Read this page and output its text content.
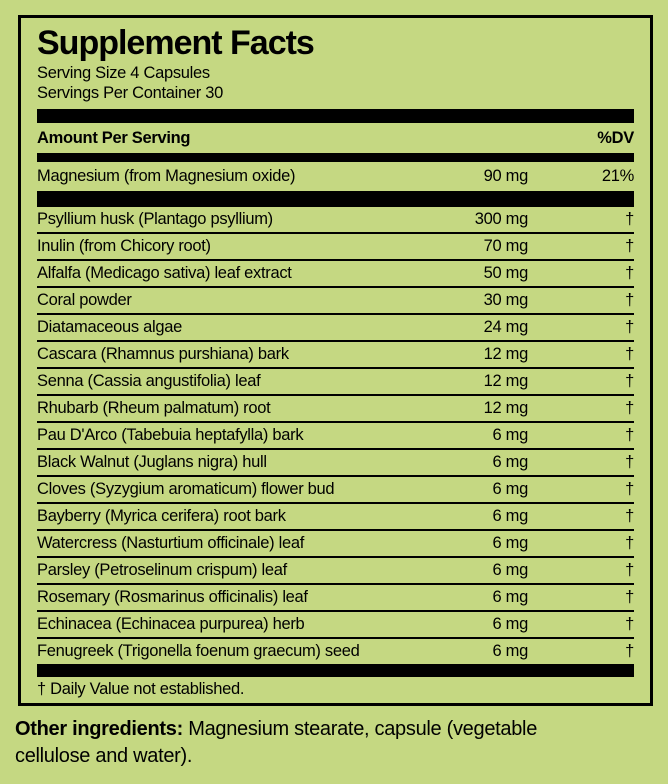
Supplement Facts
Serving Size 4 Capsules
Servings Per Container 30
Amount Per Serving	%DV
Magnesium (from Magnesium oxide)	90 mg	21%
Psyllium husk (Plantago psyllium)	300 mg	†
Inulin (from Chicory root)	70 mg	†
Alfalfa (Medicago sativa) leaf extract	50 mg	†
Coral powder	30 mg	†
Diatamaceous algae	24 mg	†
Cascara (Rhamnus purshiana) bark	12 mg	†
Senna (Cassia angustifolia) leaf	12 mg	†
Rhubarb (Rheum palmatum) root	12 mg	†
Pau D'Arco (Tabebuia heptafylla) bark	6 mg	†
Black Walnut (Juglans nigra) hull	6 mg	†
Cloves (Syzygium aromaticum) flower bud	6 mg	†
Bayberry (Myrica cerifera) root bark	6 mg	†
Watercress (Nasturtium officinale) leaf	6 mg	†
Parsley (Petroselinum crispum) leaf	6 mg	†
Rosemary (Rosmarinus officinalis) leaf	6 mg	†
Echinacea (Echinacea purpurea) herb	6 mg	†
Fenugreek (Trigonella foenum graecum) seed	6 mg	†
† Daily Value not established.

Other ingredients: Magnesium stearate, capsule (vegetable cellulose and water).
